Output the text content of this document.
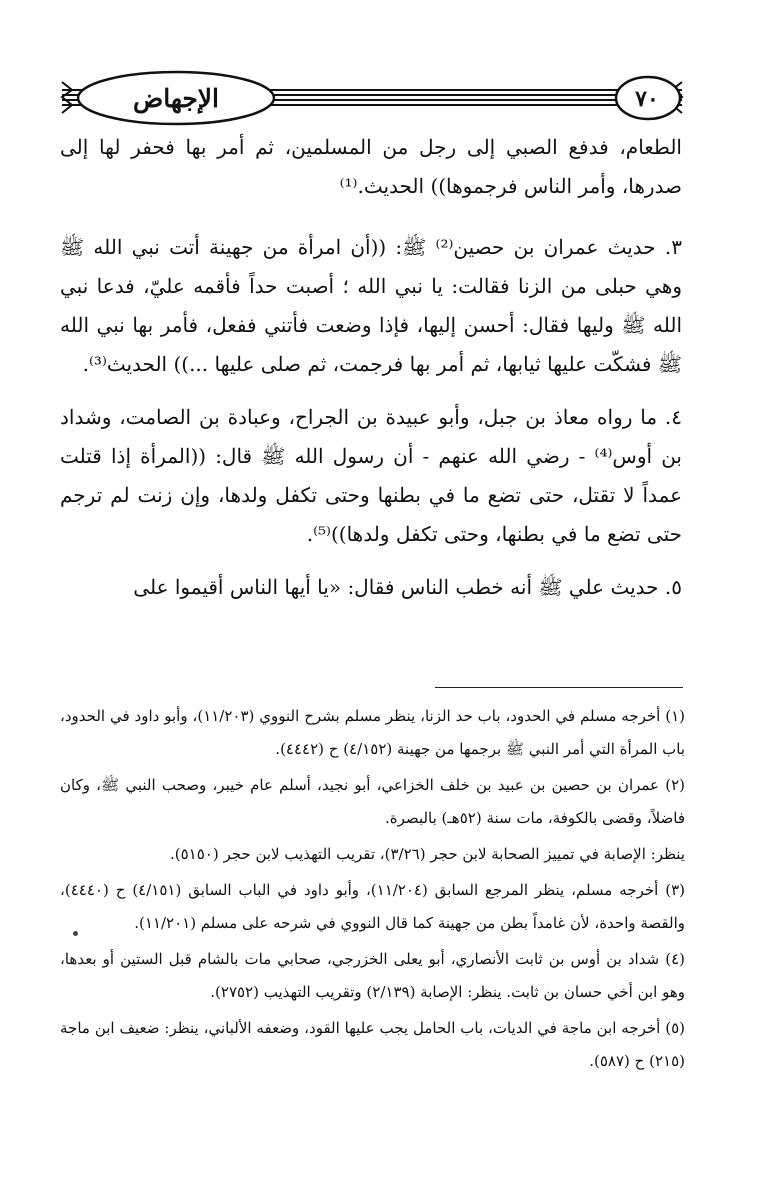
الإجهاض	٧٠

الطعام، فدفع الصبي إلى رجل من المسلمين، ثم أمر بها فحفر لها إلى صدرها، وأمر الناس فرجموها)) الحديث.⁽¹⁾

٣. حديث عمران بن حصين⁽²⁾ ﷺ: ((أن امرأة من جهينة أتت نبي الله ﷺ وهي حبلى من الزنا فقالت: يا نبي الله ؛ أصبت حداً فأقمه عليّ، فدعا نبي الله ﷺ وليها فقال: أحسن إليها، فإذا وضعت فأتني ففعل، فأمر بها نبي الله ﷺ فشكّت عليها ثيابها، ثم أمر بها فرجمت، ثم صلى عليها ...)) الحديث⁽³⁾.

٤. ما رواه معاذ بن جبل، وأبو عبيدة بن الجراح، وعبادة بن الصامت، وشداد بن أوس⁽⁴⁾ - رضي الله عنهم - أن رسول الله ﷺ قال: ((المرأة إذا قتلت عمداً لا تقتل، حتى تضع ما في بطنها وحتى تكفل ولدها، وإن زنت لم ترجم حتى تضع ما في بطنها، وحتى تكفل ولدها))⁽⁵⁾.

٥. حديث علي ﷺ أنه خطب الناس فقال: «يا أيها الناس أقيموا على

(١) أخرجه مسلم في الحدود، باب حد الزنا، ينظر مسلم بشرح النووي (١١/٢٠٣)، وأبو داود في الحدود، باب المرأة التي أمر النبي ﷺ برجمها من جهينة (٤/١٥٢) ح (٤٤٤٢).

(٢) عمران بن حصين بن عبيد بن خلف الخزاعي، أبو نجيد، أسلم عام خيبر، وصحب النبي ﷺ، وكان فاضلاً، وقضى بالكوفة، مات سنة (٥٢هـ) بالبصرة.

ينظر: الإصابة في تمييز الصحابة لابن حجر (٣/٢٦)، تقريب التهذيب لابن حجر (٥١٥٠).

(٣) أخرجه مسلم، ينظر المرجع السابق (١١/٢٠٤)، وأبو داود في الباب السابق (٤/١٥١) ح (٤٤٤٠)، والقصة واحدة، لأن غامداً بطن من جهينة كما قال النووي في شرحه على مسلم (١١/٢٠١).

(٤) شداد بن أوس بن ثابت الأنصاري، أبو يعلى الخزرجي، صحابي مات بالشام قبل الستين أو بعدها، وهو ابن أخي حسان بن ثابت. ينظر: الإصابة (٢/١٣٩) وتقريب التهذيب (٢٧٥٢).

(٥) أخرجه ابن ماجة في الديات، باب الحامل يجب عليها القود، وضعفه الألباني، ينظر: ضعيف ابن ماجة (٢١٥) ح (٥٨٧).
